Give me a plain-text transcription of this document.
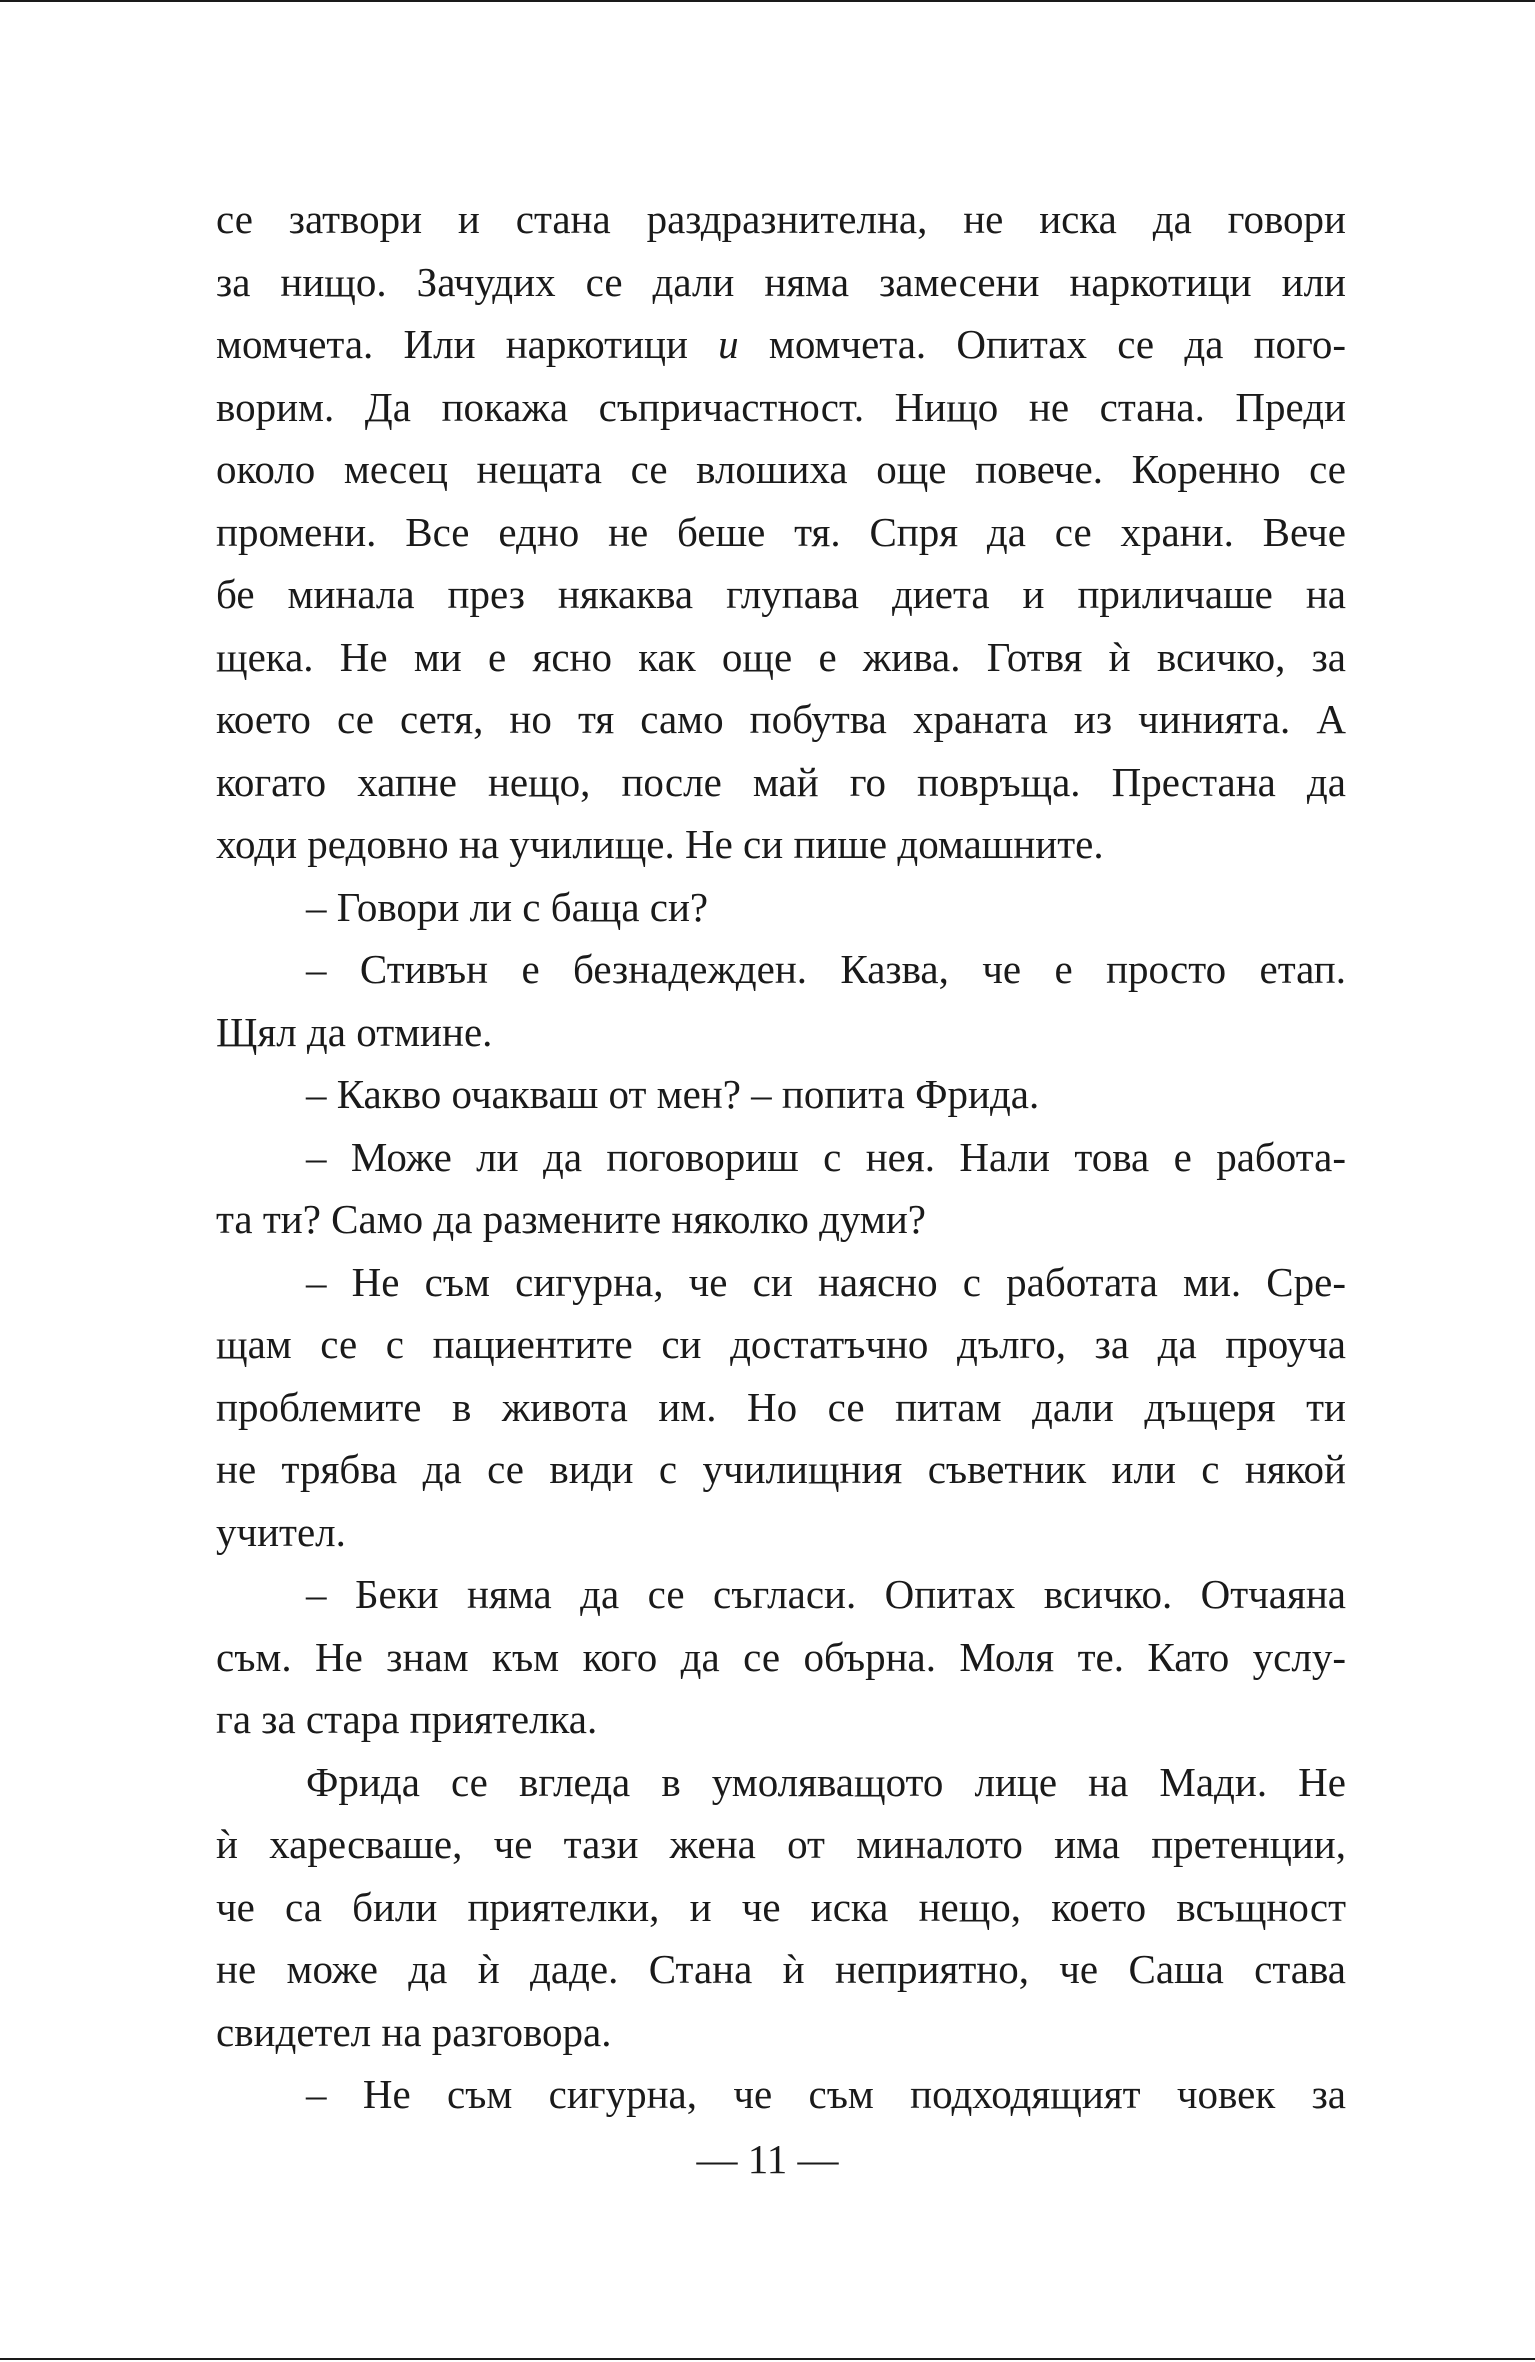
се затвори и стана раздразнителна, не иска да говори
за нищо. Зачудих се дали няма замесени наркотици или
момчета. Или наркотици и момчета. Опитах се да пого-
ворим. Да покажа съпричастност. Нищо не стана. Преди
около месец нещата се влошиха още повече. Коренно се
промени. Все едно не беше тя. Спря да се храни. Вече
бе минала през някаква глупава диета и приличаше на
щека. Не ми е ясно как още е жива. Готвя ѝ всичко, за
което се сетя, но тя само побутва храната из чинията. А
когато хапне нещо, после май го повръща. Престана да
ходи редовно на училище. Не си пише домашните.
– Говори ли с баща си?
– Стивън е безнадежден. Казва, че е просто етап.
Щял да отмине.
– Какво очакваш от мен? – попита Фрида.
– Може ли да поговориш с нея. Нали това е работа-
та ти? Само да размените няколко думи?
– Не съм сигурна, че си наясно с работата ми. Сре-
щам се с пациентите си достатъчно дълго, за да проуча
проблемите в живота им. Но се питам дали дъщеря ти
не трябва да се види с училищния съветник или с някой
учител.
– Беки няма да се съгласи. Опитах всичко. Отчаяна
съм. Не знам към кого да се обърна. Моля те. Като услу-
га за стара приятелка.
Фрида се вгледа в умоляващото лице на Мади. Не
ѝ харесваше, че тази жена от миналото има претенции,
че са били приятелки, и че иска нещо, което всъщност
не може да ѝ даде. Стана ѝ неприятно, че Саша става
свидетел на разговора.
– Не съм сигурна, че съм подходящият човек за
— 11 —
